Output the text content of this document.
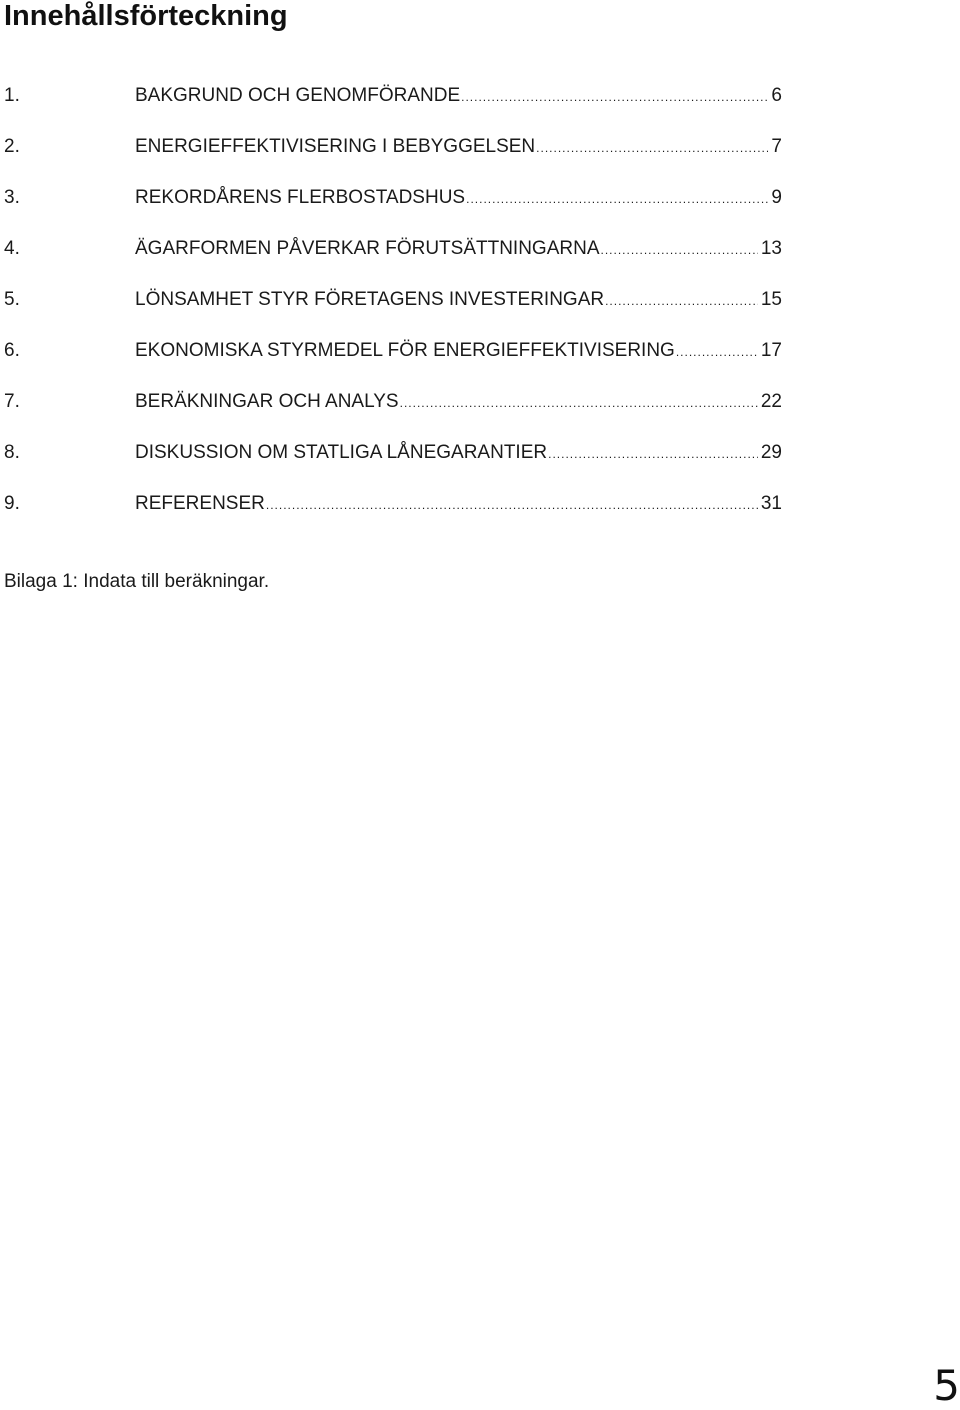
Innehållsförteckning
1.	BAKGRUND OCH GENOMFÖRANDE .....	6
2.	ENERGIEFFEKTIVISERING I BEBYGGELSEN .....	7
3.	REKORDÅRENS FLERBOSTADSHUS .....	9
4.	ÄGARFORMEN PÅVERKAR FÖRUTSÄTTNINGARNA .....	13
5.	LÖNSAMHET STYR FÖRETAGENS INVESTERINGAR .....	15
6.	EKONOMISKA STYRMEDEL FÖR ENERGIEFFEKTIVISERING .....	17
7.	BERÄKNINGAR OCH ANALYS .....	22
8.	DISKUSSION OM STATLIGA LÅNEGARANTIER .....	29
9.	REFERENSER .....	31

Bilaga 1: Indata till beräkningar.

5
